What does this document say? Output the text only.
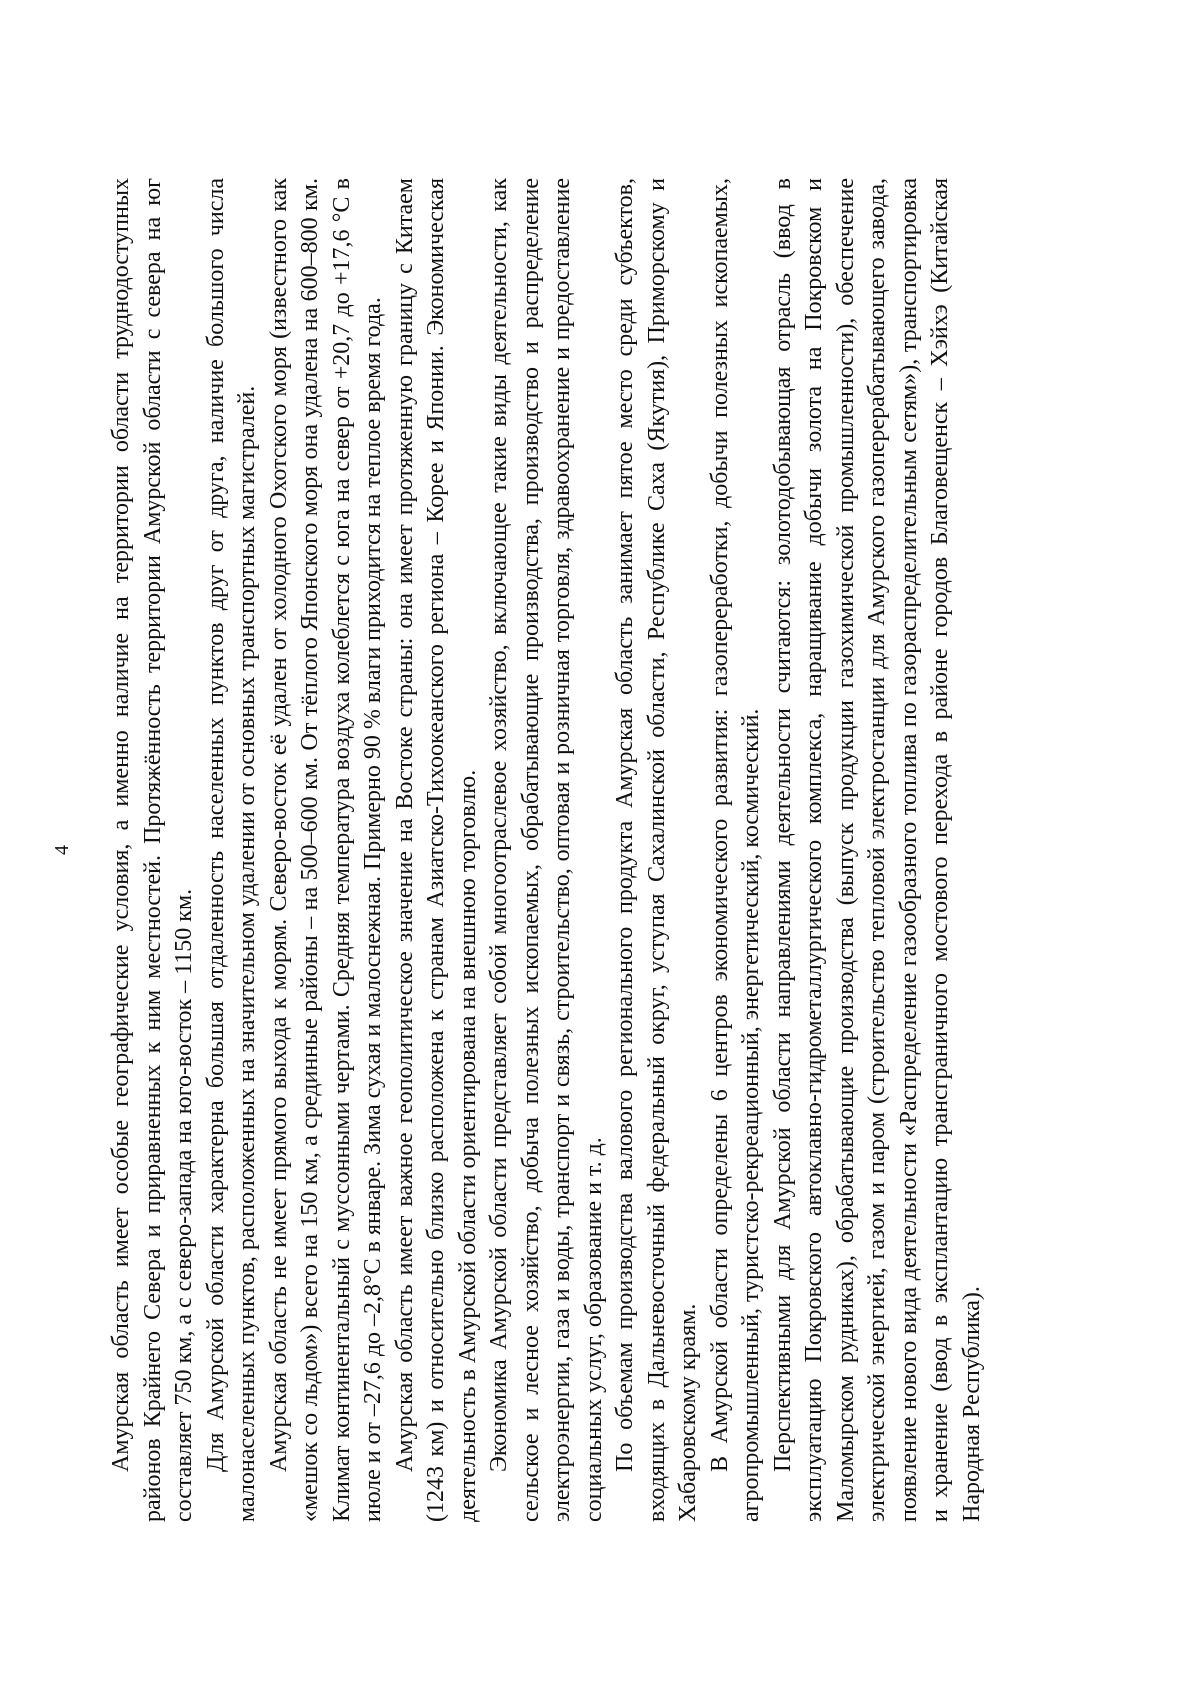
4 Амурская область имеет особые географические условия, а именно наличие на территории области труднодоступных районов Крайнего Севера и приравненных к ним местностей. Протяжённость территории Амурской области с севера на юг составляет 750 км, а с северо-запада на юго-восток – 1150 км. Для Амурской области характерна большая отдаленность населенных пунктов друг от друга, наличие большого числа малонаселенных пунктов, расположенных на значительном удалении от основных транспортных магистралей. Амурская область не имеет прямого выхода к морям. Северо-восток её удален от холодного Охотского моря (известного как «мешок со льдом») всего на 150 км, а срединные районы – на 500–600 км. От тёплого Японского моря она удалена на 600–800 км. Климат континентальный с муссонными чертами. Средняя температура воздуха колеблется с юга на север от +20,7 до +17,6 °С в июле и от –27,6 до –2,8°С в январе. Зима сухая и малоснежная. Примерно 90 % влаги приходится на теплое время года. Амурская область имеет важное геополитическое значение на Востоке страны: она имеет протяженную границу с Китаем (1243 км) и относительно близко расположена к странам Азиатско-Тихоокеанского региона – Корее и Японии. Экономическая деятельность в Амурской области ориентирована на внешнюю торговлю. Экономика Амурской области представляет собой многоотраслевое хозяйство, включающее такие виды деятельности, как сельское и лесное хозяйство, добыча полезных ископаемых, обрабатывающие производства, производство и распределение электроэнергии, газа и воды, транспорт и связь, строительство, оптовая и розничная торговля, здравоохранение и предоставление социальных услуг, образование и т. д. По объемам производства валового регионального продукта Амурская область занимает пятое место среди субъектов, входящих в Дальневосточный федеральный округ, уступая Сахалинской области, Республике Саха (Якутия), Приморскому и Хабаровскому краям. В Амурской области определены 6 центров экономического развития: газопереработки, добычи полезных ископаемых, агропромышленный, туристско-рекреационный, энергетический, космический. Перспективными для Амурской области направлениями деятельности считаются: золотодобывающая отрасль (ввод в эксплуатацию Покровского автоклавно-гидрометаллургического комплекса, наращивание добычи золота на Покровском и Маломырском рудниках), обрабатывающие производства (выпуск продукции газохимической промышленности), обеспечение электрической энергией, газом и паром (строительство тепловой электростанции для Амурского газоперерабатывающего завода, появление нового вида деятельности «Распределение газообразного топлива по газораспределительным сетям»), транспортировка и хранение (ввод в эксплантацию трансграничного мостового перехода в районе городов Благовещенск – Хэйхэ (Китайская Народная Республика).
